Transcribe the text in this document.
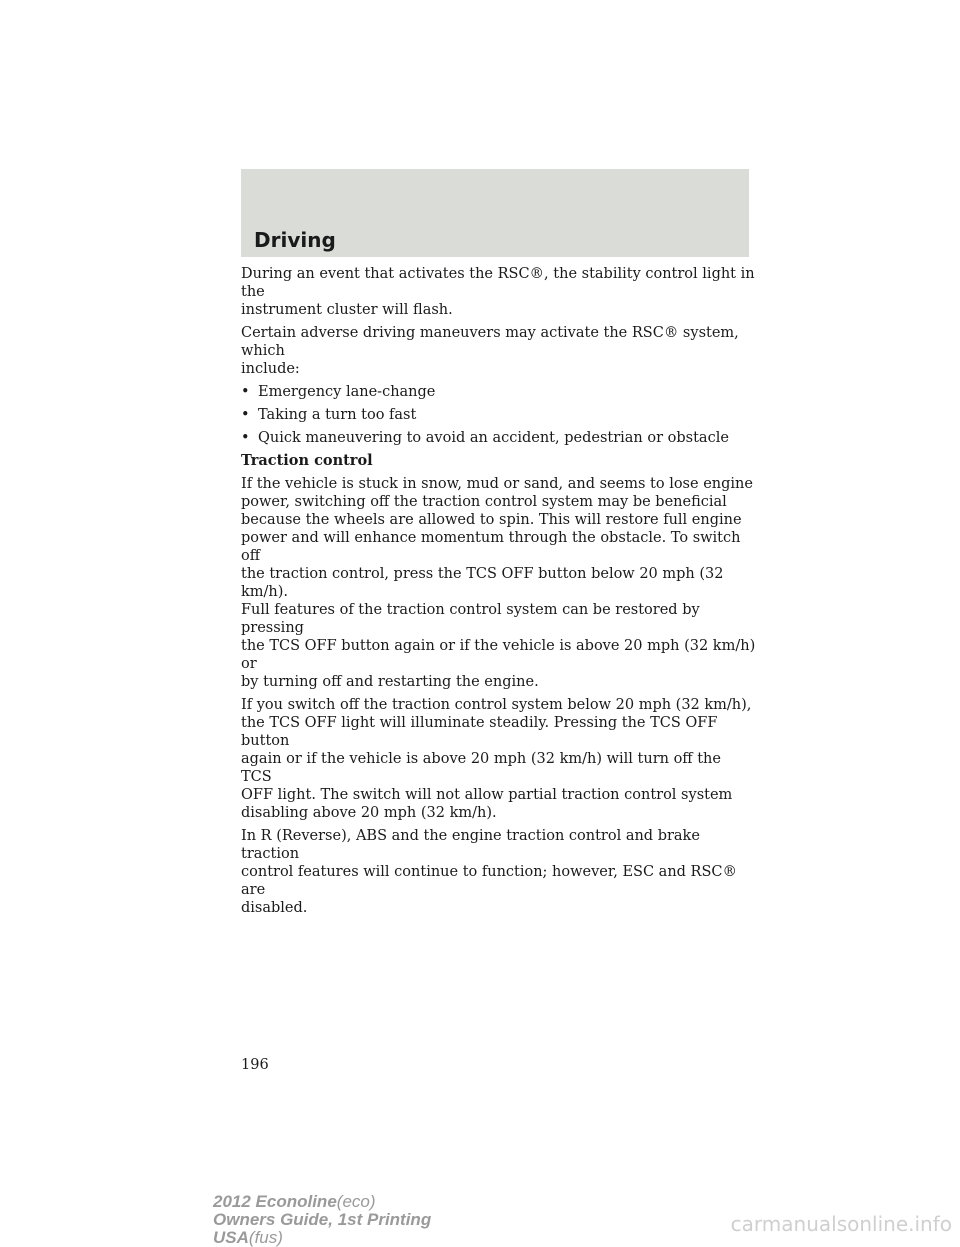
Driving

During an event that activates the RSC®, the stability control light in the
instrument cluster will flash.

Certain adverse driving maneuvers may activate the RSC® system, which
include:

• Emergency lane-change
• Taking a turn too fast
• Quick maneuvering to avoid an accident, pedestrian or obstacle

Traction control

If the vehicle is stuck in snow, mud or sand, and seems to lose engine
power, switching off the traction control system may be beneficial
because the wheels are allowed to spin. This will restore full engine
power and will enhance momentum through the obstacle. To switch off
the traction control, press the TCS OFF button below 20 mph (32 km/h).
Full features of the traction control system can be restored by pressing
the TCS OFF button again or if the vehicle is above 20 mph (32 km/h) or
by turning off and restarting the engine.

If you switch off the traction control system below 20 mph (32 km/h),
the TCS OFF light will illuminate steadily. Pressing the TCS OFF button
again or if the vehicle is above 20 mph (32 km/h) will turn off the TCS
OFF light. The switch will not allow partial traction control system
disabling above 20 mph (32 km/h).

In R (Reverse), ABS and the engine traction control and brake traction
control features will continue to function; however, ESC and RSC® are
disabled.

196
2012 Econoline(eco)
Owners Guide, 1st Printing
USA(fus)
carmanualsonline.info
